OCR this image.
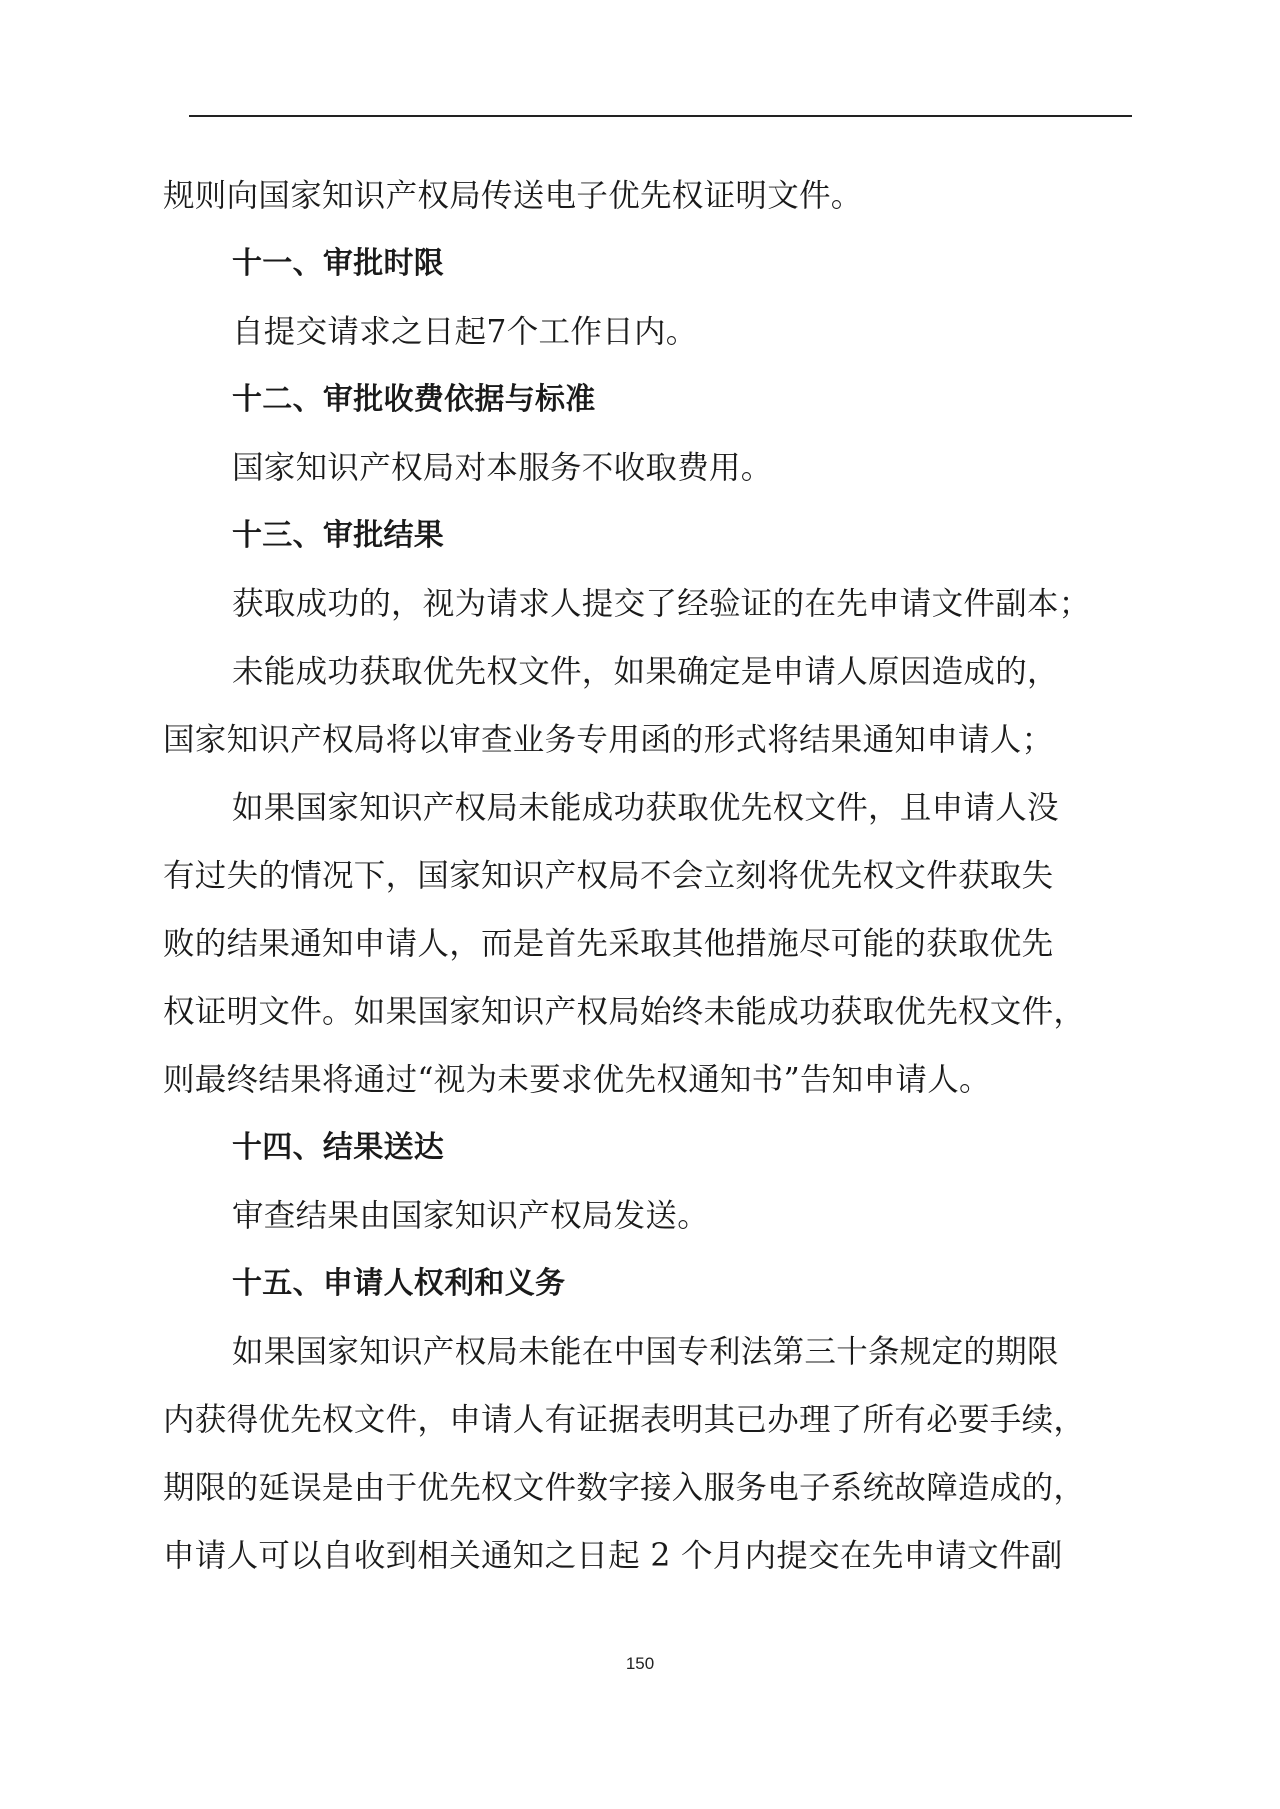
规则向国家知识产权局传送电子优先权证明文件。
十一、审批时限
自提交请求之日起7个工作日内。
十二、审批收费依据与标准
国家知识产权局对本服务不收取费用。
十三、审批结果
获取成功的，视为请求人提交了经验证的在先申请文件副本；
未能成功获取优先权文件，如果确定是申请人原因造成的，
国家知识产权局将以审查业务专用函的形式将结果通知申请人；
如果国家知识产权局未能成功获取优先权文件，且申请人没
有过失的情况下，国家知识产权局不会立刻将优先权文件获取失
败的结果通知申请人，而是首先采取其他措施尽可能的获取优先
权证明文件。如果国家知识产权局始终未能成功获取优先权文件，
则最终结果将通过“视为未要求优先权通知书”告知申请人。
十四、结果送达
审查结果由国家知识产权局发送。
十五、申请人权利和义务
如果国家知识产权局未能在中国专利法第三十条规定的期限
内获得优先权文件，申请人有证据表明其已办理了所有必要手续，
期限的延误是由于优先权文件数字接入服务电子系统故障造成的，
申请人可以自收到相关通知之日起 2 个月内提交在先申请文件副
150
